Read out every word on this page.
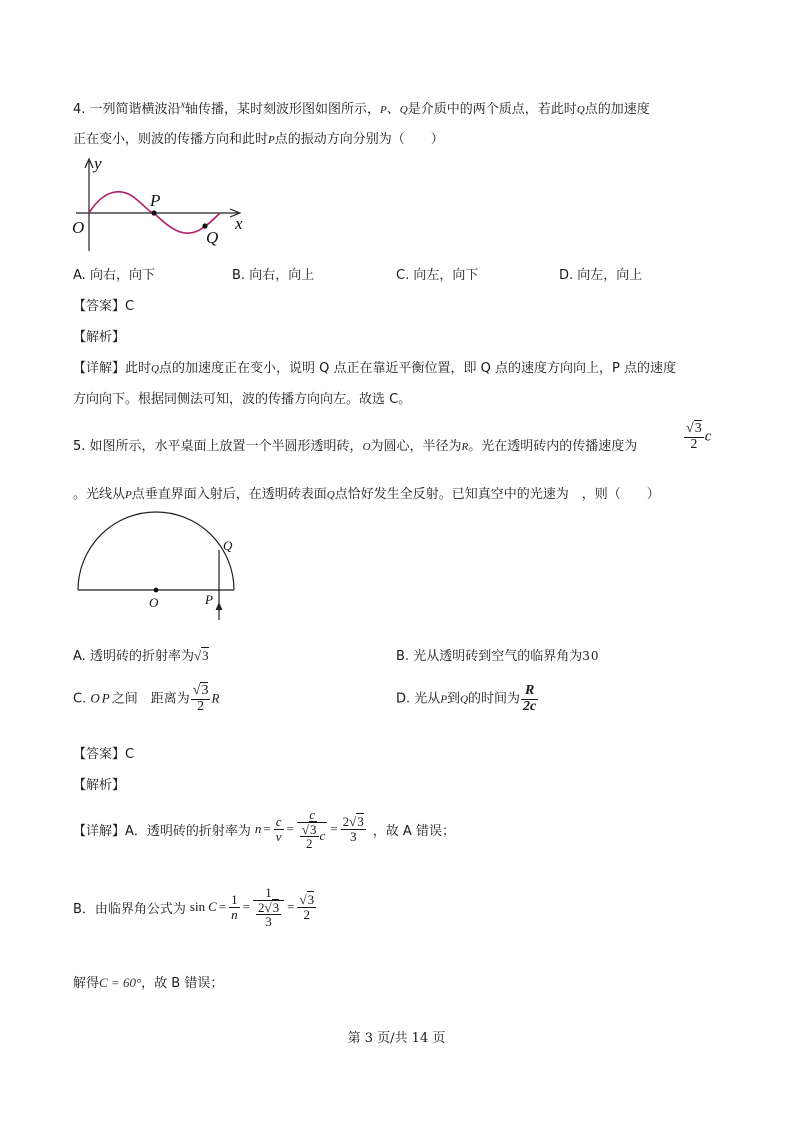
4. 一列简谐横波沿$^x$轴传播，某时刻波形图如图所示，P、Q是介质中的两个质点，若此时Q点的加速度
正在变小，则波的传播方向和此时P点的振动方向分别为（　　）
y
x
O
P
Q
A. 向右，向下	B. 向右，向上	C. 向左，向下	D. 向左，向上
【答案】C
【解析】
【详解】此时Q点的加速度正在变小，说明 Q 点正在靠近平衡位置，即 Q 点的速度方向向上，P 点的速度
方向向下。根据同侧法可知，波的传播方向向左。故选 C。
5. 如图所示，水平桌面上放置一个半圆形透明砖，O为圆心，半径为R。光在透明砖内的传播速度为	$\frac{√3}{2}$ c
。光线从P点垂直界面入射后，在透明砖表面Q点恰好发生全反射。已知真空中的光速为　，则（　　）
O	P
Q
A. 透明砖的折射率为√3	B. 光从透明砖到空气的临界角为30
C. OP之间　 距离为 $\frac{√3}{2}$ R	D. 光从P到Q的时间为 $\frac{R}{2c}$
【答案】C
【解析】
【详解】 A．透明砖的折射率为 $n = \frac{c}{v} = \frac{c}{\frac{√3}{2} c} = \frac{2√3}{3}$ ，故 A 错误；
B．由临界角公式为 $\sin C = \frac{1}{n} = \frac{1}{\frac{2√3}{3}} = \frac{√3}{2}$
解得C = 60°，故 B 错误；
第 3 页/共 14 页
